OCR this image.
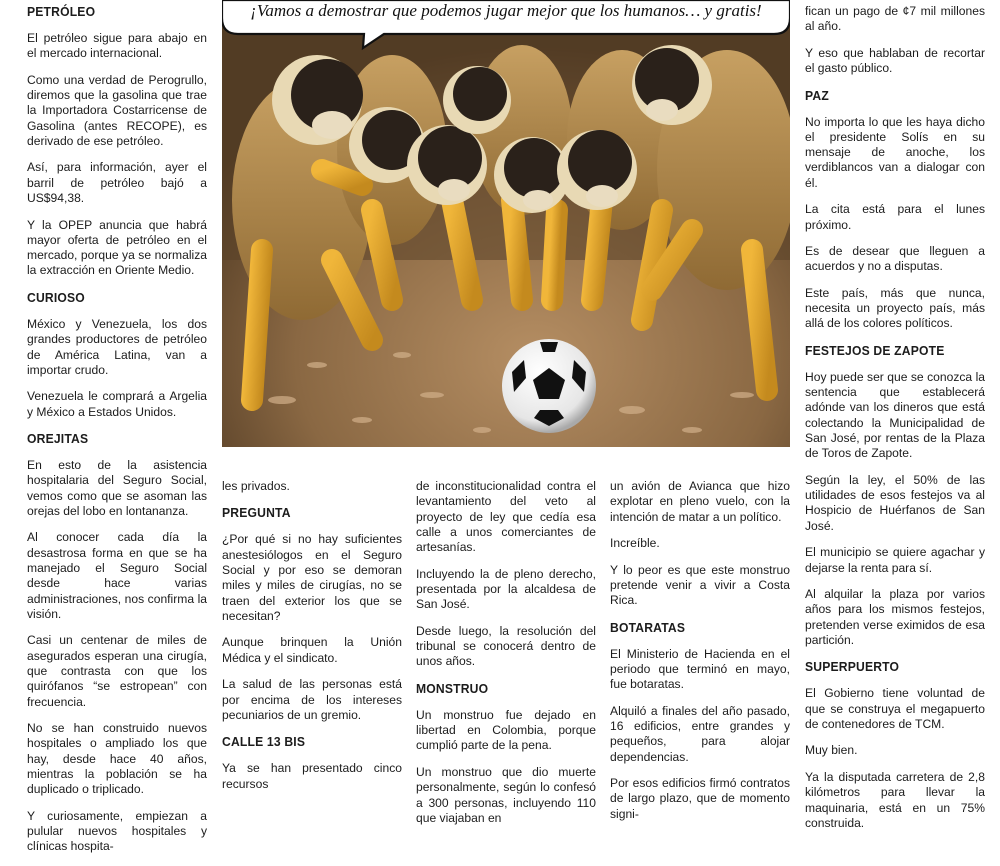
¡Vamos a demostrar que podemos jugar mejor que los humanos… y gratis!
PETRÓLEO

El petróleo sigue para abajo en el mercado internacional.

Como una verdad de Perogrullo, diremos que la gasolina que trae la Importadora Costarricense de Gasolina (antes RECOPE), es derivado de ese petróleo.

Así, para información, ayer el barril de petróleo bajó a US$94,38.

Y la OPEP anuncia que habrá mayor oferta de petróleo en el mercado, porque ya se normaliza la extracción en Oriente Medio.

CURIOSO

México y Venezuela, los dos grandes productores de petróleo de América Latina, van a importar crudo.

Venezuela le comprará a Argelia y México a Estados Unidos.

OREJITAS

En esto de la asistencia hospitalaria del Seguro Social, vemos como que se asoman las orejas del lobo en lontananza.

Al conocer cada día la desastrosa forma en que se ha manejado el Seguro Social desde hace varias administraciones, nos confirma la visión.

Casi un centenar de miles de asegurados esperan una cirugía, que contrasta con que los quirófanos “se estropean” con frecuencia.

No se han construido nuevos hospitales o ampliado los que hay, desde hace 40 años, mientras la población se ha duplicado o triplicado.

Y curiosamente, empiezan a pulular nuevos hospitales y clínicas hospita-

les privados.

PREGUNTA

¿Por qué si no hay suficientes anestesiólogos en el Seguro Social y por eso se demoran miles y miles de cirugías, no se traen del exterior los que se necesitan?

Aunque brinquen la Unión Médica y el sindicato.

La salud de las personas está por encima de los intereses pecuniarios de un gremio.

CALLE 13 BIS

Ya se han presentado cinco recursos

de inconstitucionalidad contra el levantamiento del veto al proyecto de ley que cedía esa calle a unos comerciantes de artesanías.

Incluyendo la de pleno derecho, presentada por la alcaldesa de San José.

Desde luego, la resolución del tribunal se conocerá dentro de unos años.

MONSTRUO

Un monstruo fue dejado en libertad en Colombia, porque cumplió parte de la pena.

Un monstruo que dio muerte personalmente, según lo confesó a 300 personas, incluyendo 110 que viajaban en

un avión de Avianca que hizo explotar en pleno vuelo, con la intención de matar a un político.

Increíble.

Y lo peor es que este monstruo pretende venir a vivir a Costa Rica.

BOTARATAS

El Ministerio de Hacienda en el periodo que terminó en mayo, fue botaratas.

Alquiló a finales del año pasado, 16 edificios, entre grandes y pequeños, para alojar dependencias.

Por esos edificios firmó contratos de largo plazo, que de momento signi-

fican un pago de ¢7 mil millones al año.

Y eso que hablaban de recortar el gasto público.

PAZ

No importa lo que les haya dicho el presidente Solís en su mensaje de anoche, los verdiblancos van a dialogar con él.

La cita está para el lunes próximo.

Es de desear que lleguen a acuerdos y no a disputas.

Este país, más que nunca, necesita un proyecto país, más allá de los colores políticos.

FESTEJOS DE ZAPOTE

Hoy puede ser que se conozca la sentencia que establecerá adónde van los dineros que está colectando la Municipalidad de San José, por rentas de la Plaza de Toros de Zapote.

Según la ley, el 50% de las utilidades de esos festejos va al Hospicio de Huérfanos de San José.

El municipio se quiere agachar y dejarse la renta para sí.

Al alquilar la plaza por varios años para los mismos festejos, pretenden verse eximidos de esa partición.

SUPERPUERTO

El Gobierno tiene voluntad de que se construya el megapuerto de contenedores de TCM.

Muy bien.

Ya la disputada carretera de 2,8 kilómetros para llevar la maquinaria, está en un 75% construida.
